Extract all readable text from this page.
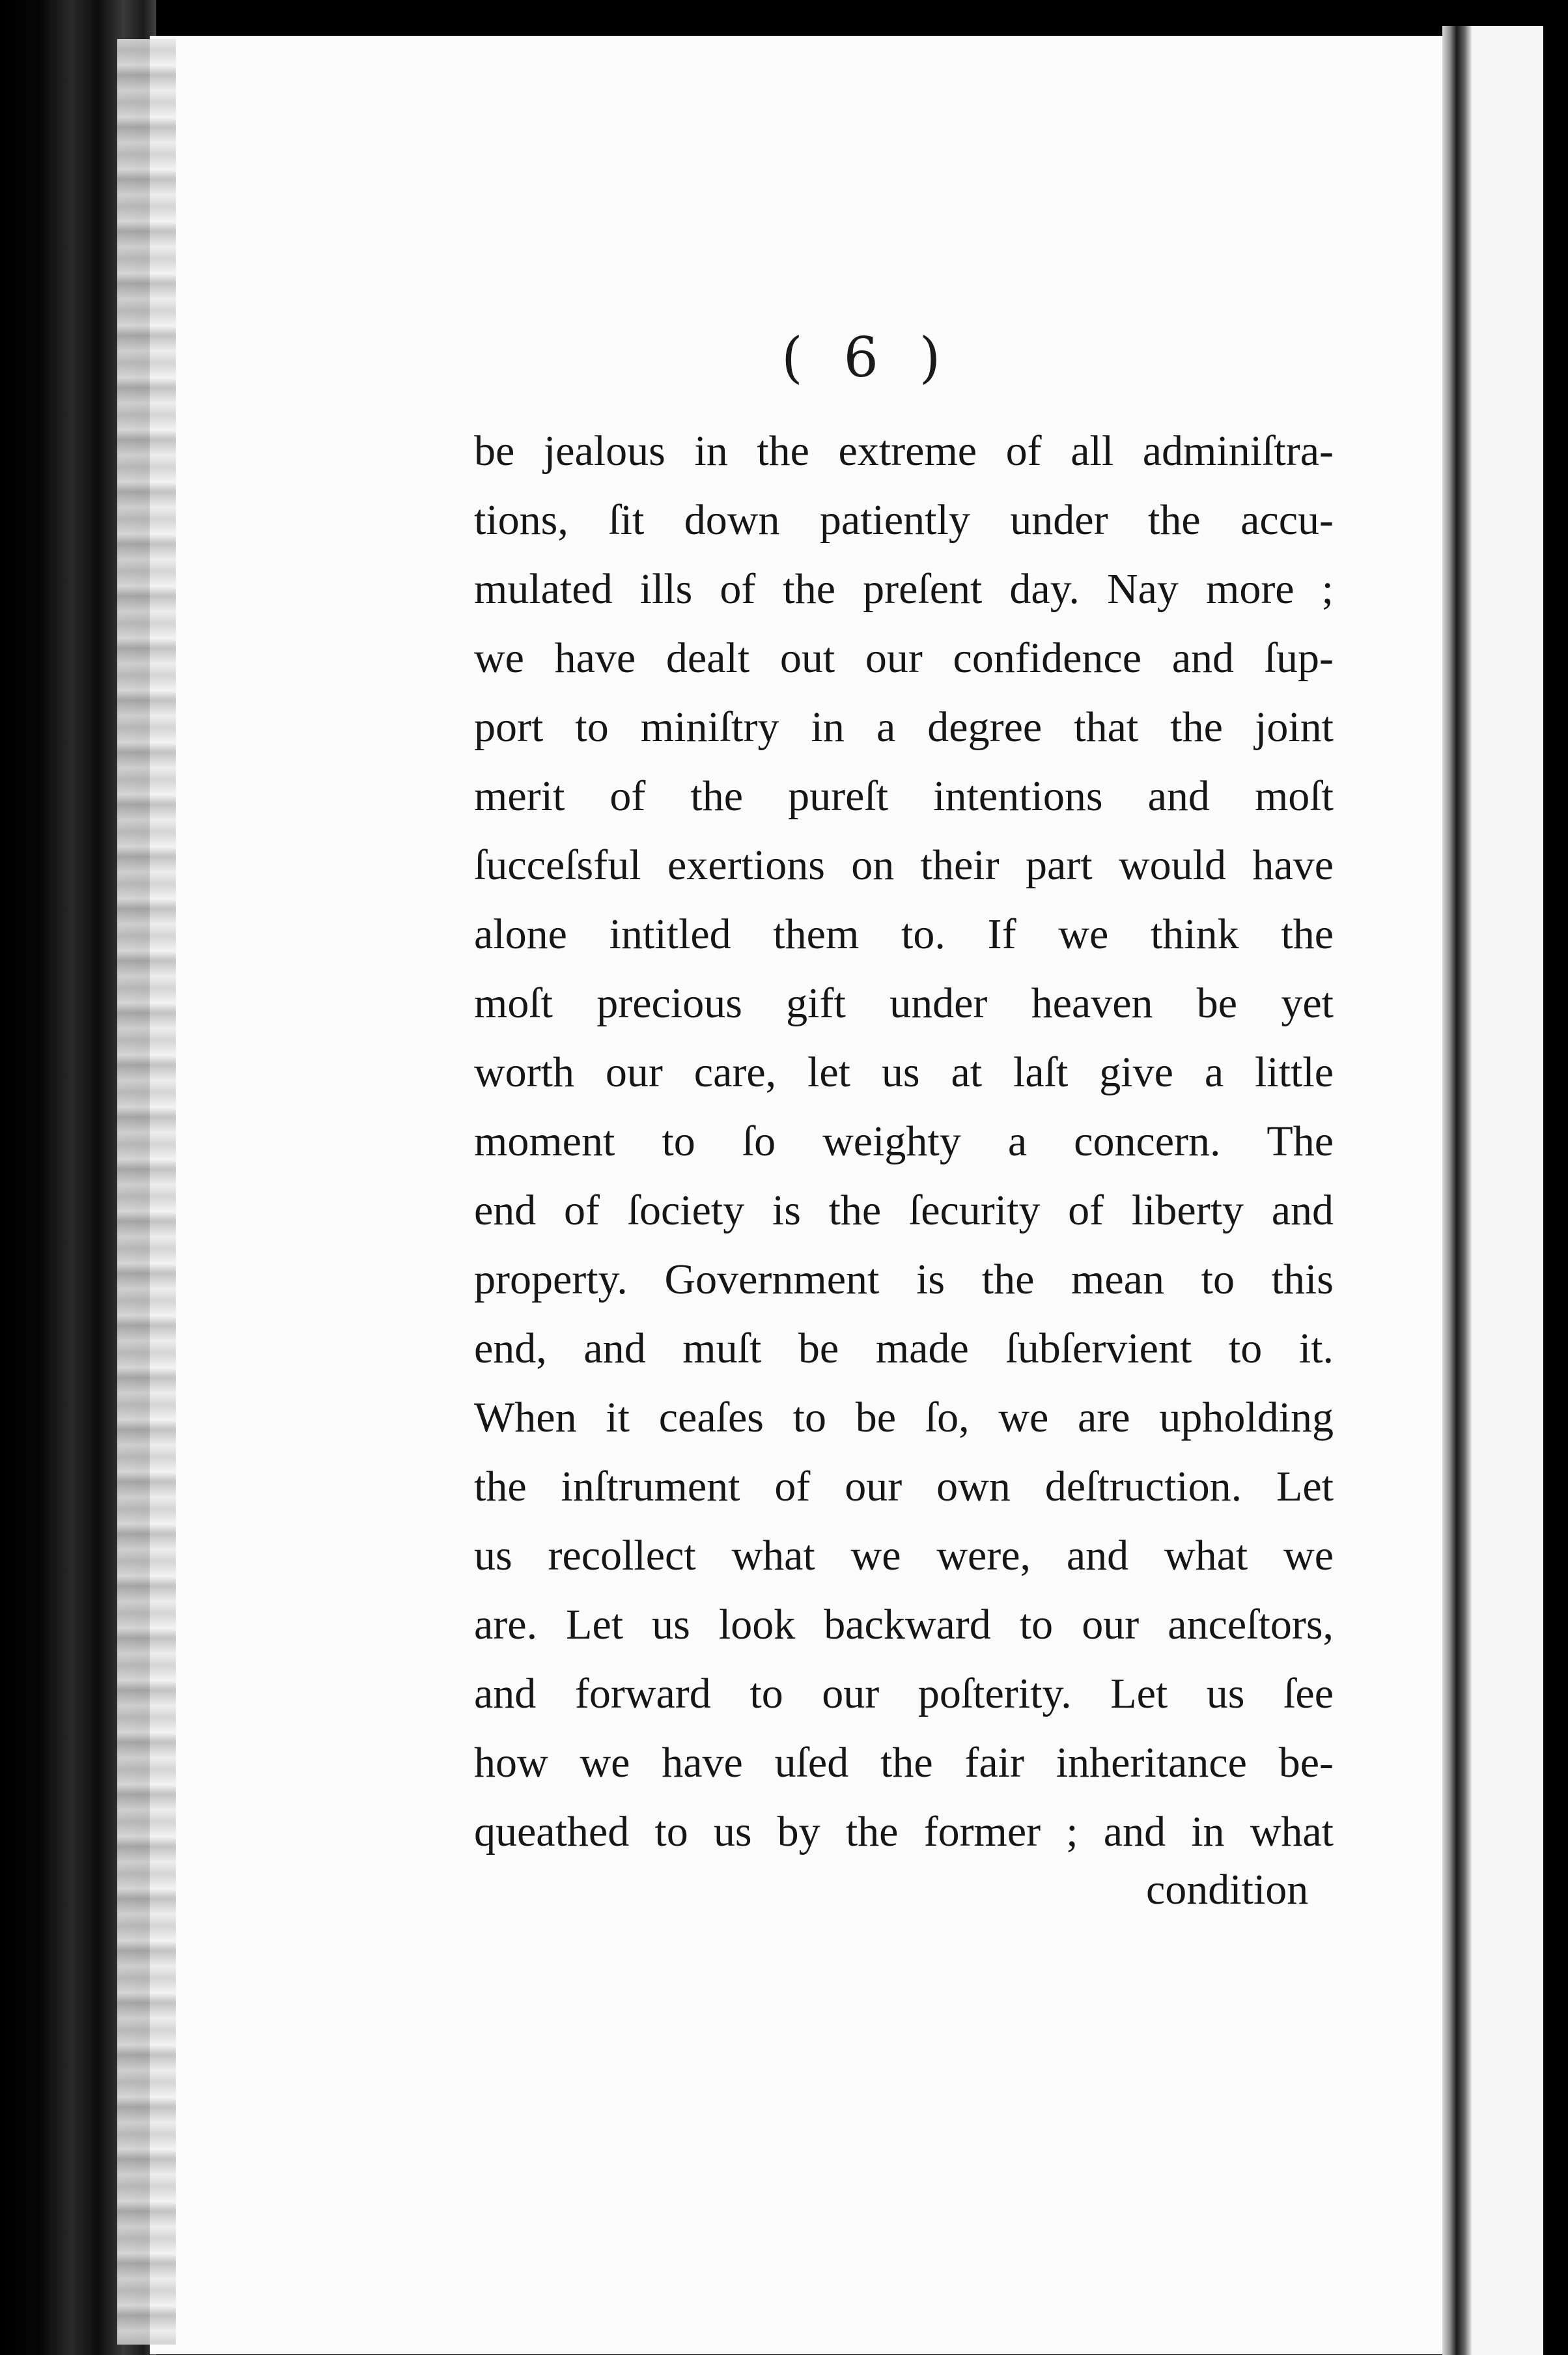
( 6 )
be jealous in the extreme of all adminiſtra-
tions, ſit down patiently under the accu-
mulated ills of the preſent day. Nay more ;
we have dealt out our confidence and ſup-
port to miniſtry in a degree that the joint
merit of the pureſt intentions and moſt
ſucceſsful exertions on their part would have
alone intitled them to. If we think the
moſt precious gift under heaven be yet
worth our care, let us at laſt give a little
moment to ſo weighty a concern. The
end of ſociety is the ſecurity of liberty and
property. Government is the mean to this
end, and muſt be made ſubſervient to it.
When it ceaſes to be ſo, we are upholding
the inſtrument of our own deſtruction. Let
us recollect what we were, and what we
are. Let us look backward to our anceſtors,
and forward to our poſterity. Let us ſee
how we have uſed the fair inheritance be-
queathed to us by the former ; and in what
condition
